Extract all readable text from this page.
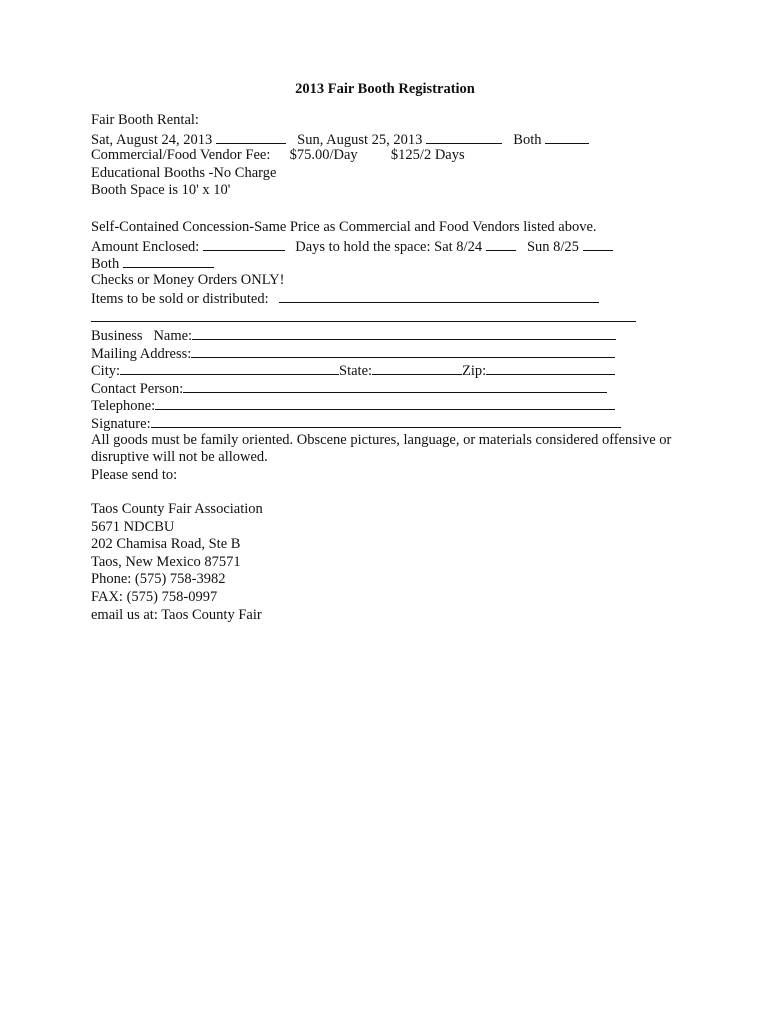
2013 Fair Booth Registration
Fair Booth Rental:
Sat, August 24, 2013	Sun, August 25, 2013	Both
Commercial/Food Vendor Fee: $75.00/Day $125/2 Days
Educational Booths -No Charge
Booth Space is 10' x 10'
Self-Contained Concession-Same Price as Commercial and Food Vendors listed above.
Amount Enclosed:	Days to hold the space: Sat 8/24	Sun 8/25
Both
Checks or Money Orders ONLY!
Items to be sold or distributed:
Business   Name:
Mailing Address:
City:	State:	Zip:
Contact Person:
Telephone:
Signature:
All goods must be family oriented. Obscene pictures, language, or materials considered offensive or disruptive will not be allowed.
Please send to:
Taos County Fair Association
5671 NDCBU
202 Chamisa Road, Ste B
Taos, New Mexico 87571
Phone: (575) 758-3982
FAX: (575) 758-0997
email us at: Taos County Fair
